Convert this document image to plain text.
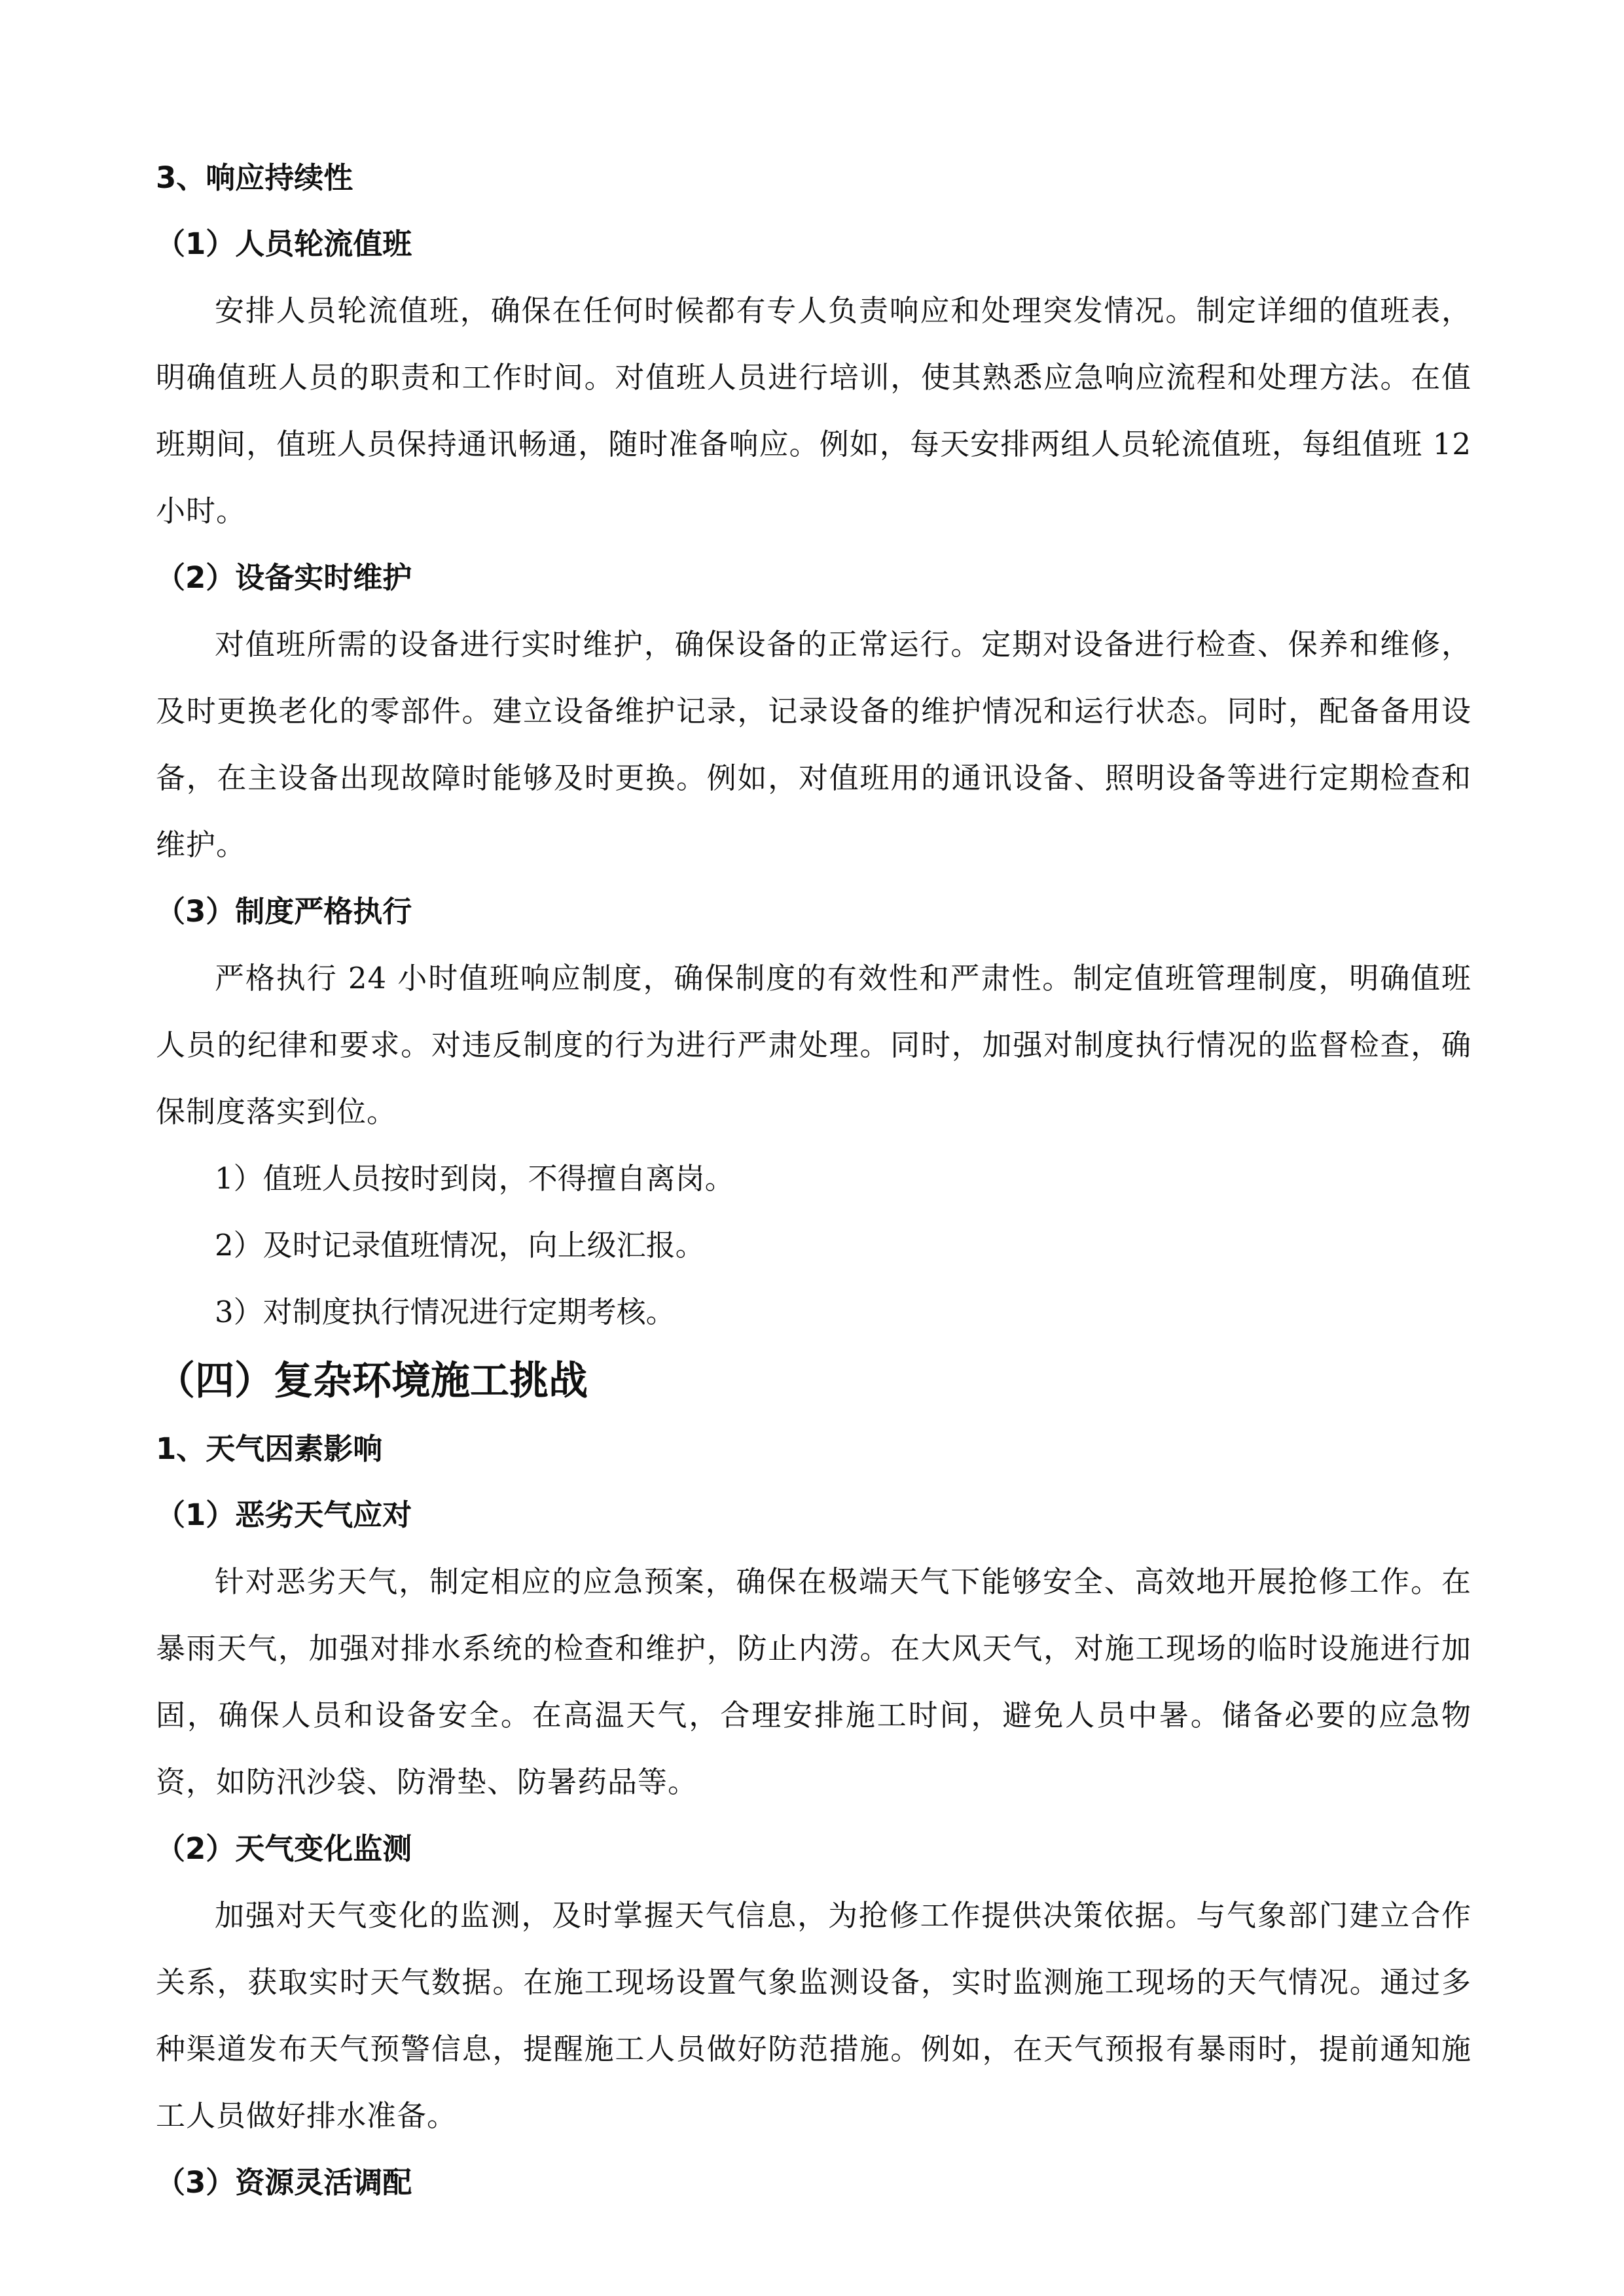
3、响应持续性
（1）人员轮流值班

安排人员轮流值班，确保在任何时候都有专人负责响应和处理突发情况。制定详细的值班表，明确值班人员的职责和工作时间。对值班人员进行培训，使其熟悉应急响应流程和处理方法。在值班期间，值班人员保持通讯畅通，随时准备响应。例如，每天安排两组人员轮流值班，每组值班 12 小时。

（2）设备实时维护

对值班所需的设备进行实时维护，确保设备的正常运行。定期对设备进行检查、保养和维修，及时更换老化的零部件。建立设备维护记录，记录设备的维护情况和运行状态。同时，配备备用设备，在主设备出现故障时能够及时更换。例如，对值班用的通讯设备、照明设备等进行定期检查和维护。

（3）制度严格执行

严格执行 24 小时值班响应制度，确保制度的有效性和严肃性。制定值班管理制度，明确值班人员的纪律和要求。对违反制度的行为进行严肃处理。同时，加强对制度执行情况的监督检查，确保制度落实到位。

1）值班人员按时到岗，不得擅自离岗。
2）及时记录值班情况，向上级汇报。
3）对制度执行情况进行定期考核。
（四）复杂环境施工挑战
1、天气因素影响
（1）恶劣天气应对

针对恶劣天气，制定相应的应急预案，确保在极端天气下能够安全、高效地开展抢修工作。在暴雨天气，加强对排水系统的检查和维护，防止内涝。在大风天气，对施工现场的临时设施进行加固，确保人员和设备安全。在高温天气，合理安排施工时间，避免人员中暑。储备必要的应急物资，如防汛沙袋、防滑垫、防暑药品等。

（2）天气变化监测

加强对天气变化的监测，及时掌握天气信息，为抢修工作提供决策依据。与气象部门建立合作关系，获取实时天气数据。在施工现场设置气象监测设备，实时监测施工现场的天气情况。通过多种渠道发布天气预警信息，提醒施工人员做好防范措施。例如，在天气预报有暴雨时，提前通知施工人员做好排水准备。

（3）资源灵活调配
